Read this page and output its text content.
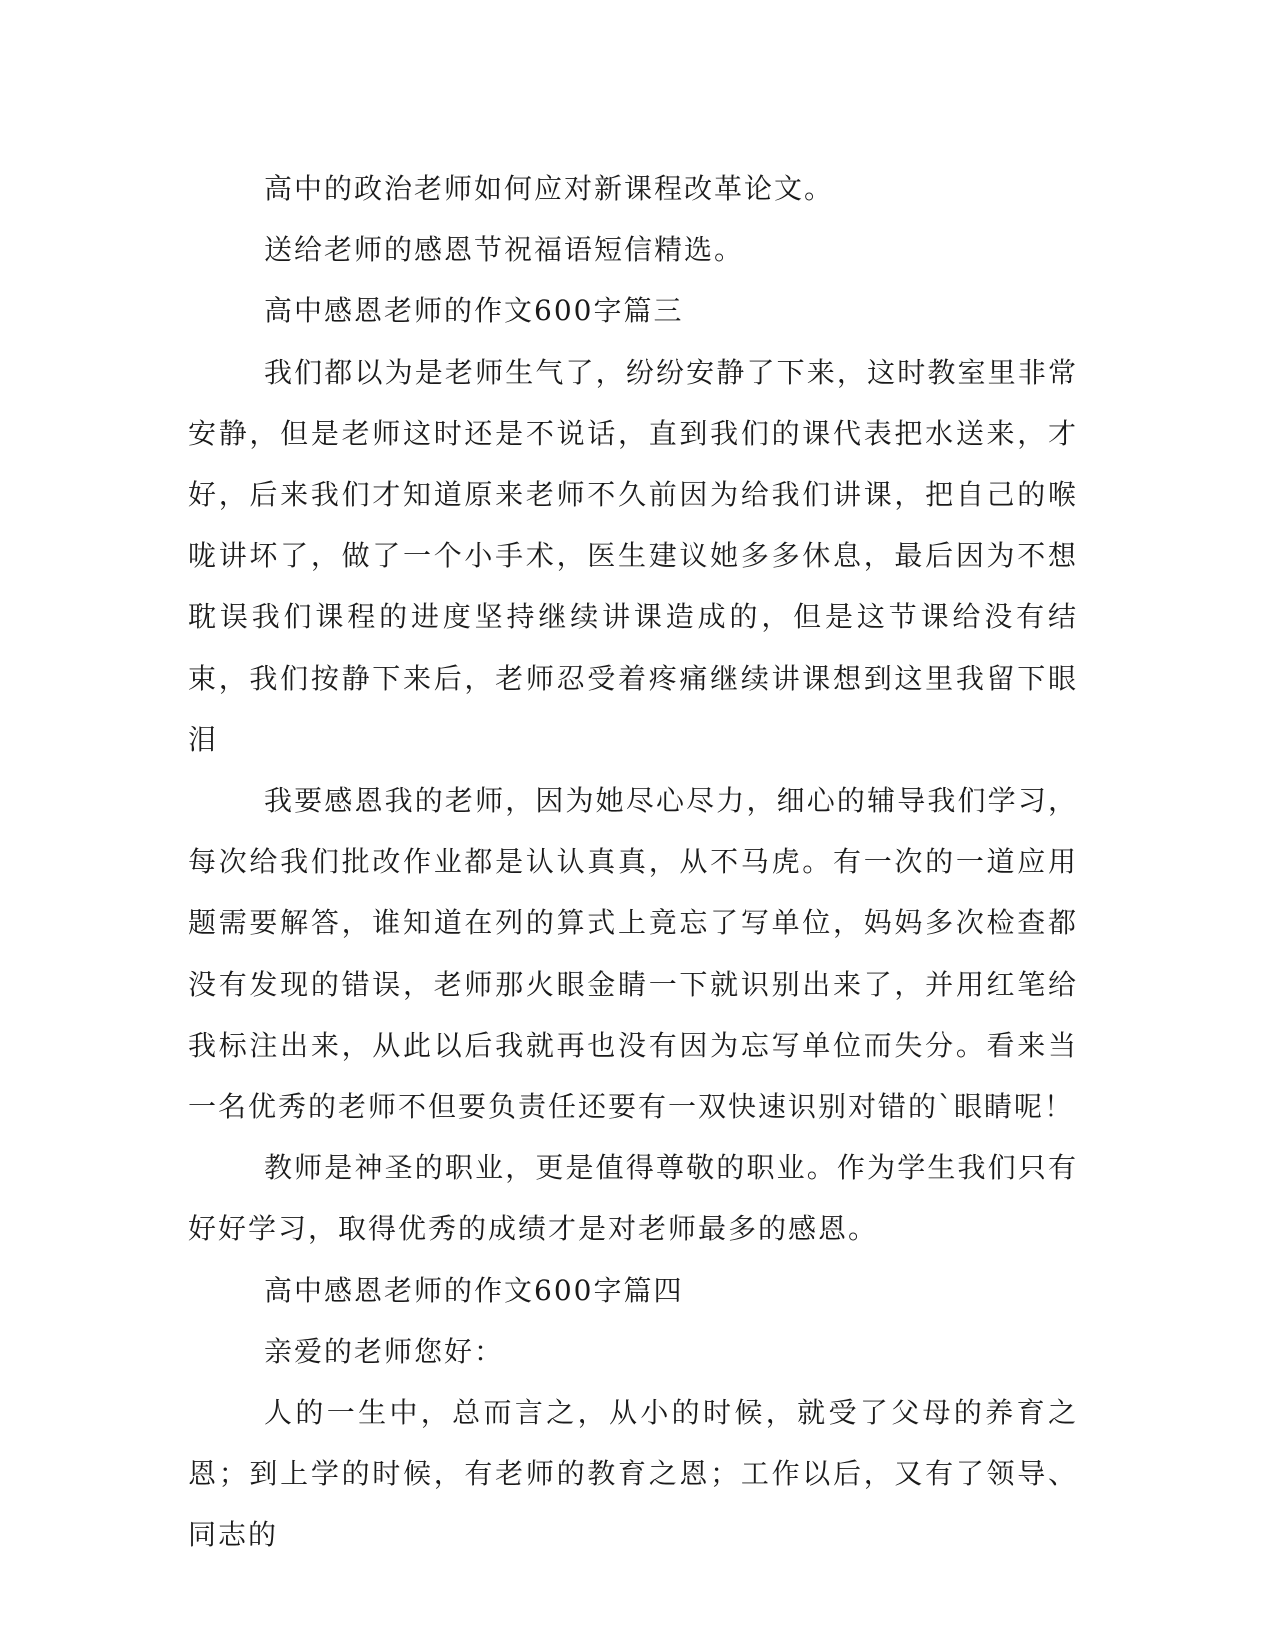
高中的政治老师如何应对新课程改革论文。

送给老师的感恩节祝福语短信精选。

高中感恩老师的作文600字篇三

我们都以为是老师生气了，纷纷安静了下来，这时教室里非常安静，但是老师这时还是不说话，直到我们的课代表把水送来，才好，后来我们才知道原来老师不久前因为给我们讲课，把自己的喉咙讲坏了，做了一个小手术，医生建议她多多休息，最后因为不想耽误我们课程的进度坚持继续讲课造成的，但是这节课给没有结束，我们按静下来后，老师忍受着疼痛继续讲课想到这里我留下眼泪

我要感恩我的老师，因为她尽心尽力，细心的辅导我们学习，每次给我们批改作业都是认认真真，从不马虎。有一次的一道应用题需要解答，谁知道在列的算式上竟忘了写单位，妈妈多次检查都没有发现的错误，老师那火眼金睛一下就识别出来了，并用红笔给我标注出来，从此以后我就再也没有因为忘写单位而失分。看来当一名优秀的老师不但要负责任还要有一双快速识别对错的`眼睛呢！

教师是神圣的职业，更是值得尊敬的职业。作为学生我们只有好好学习，取得优秀的成绩才是对老师最多的感恩。

高中感恩老师的作文600字篇四

亲爱的老师您好：

人的一生中，总而言之，从小的时候，就受了父母的养育之恩；到上学的时候，有老师的教育之恩；工作以后，又有了领导、同志的
